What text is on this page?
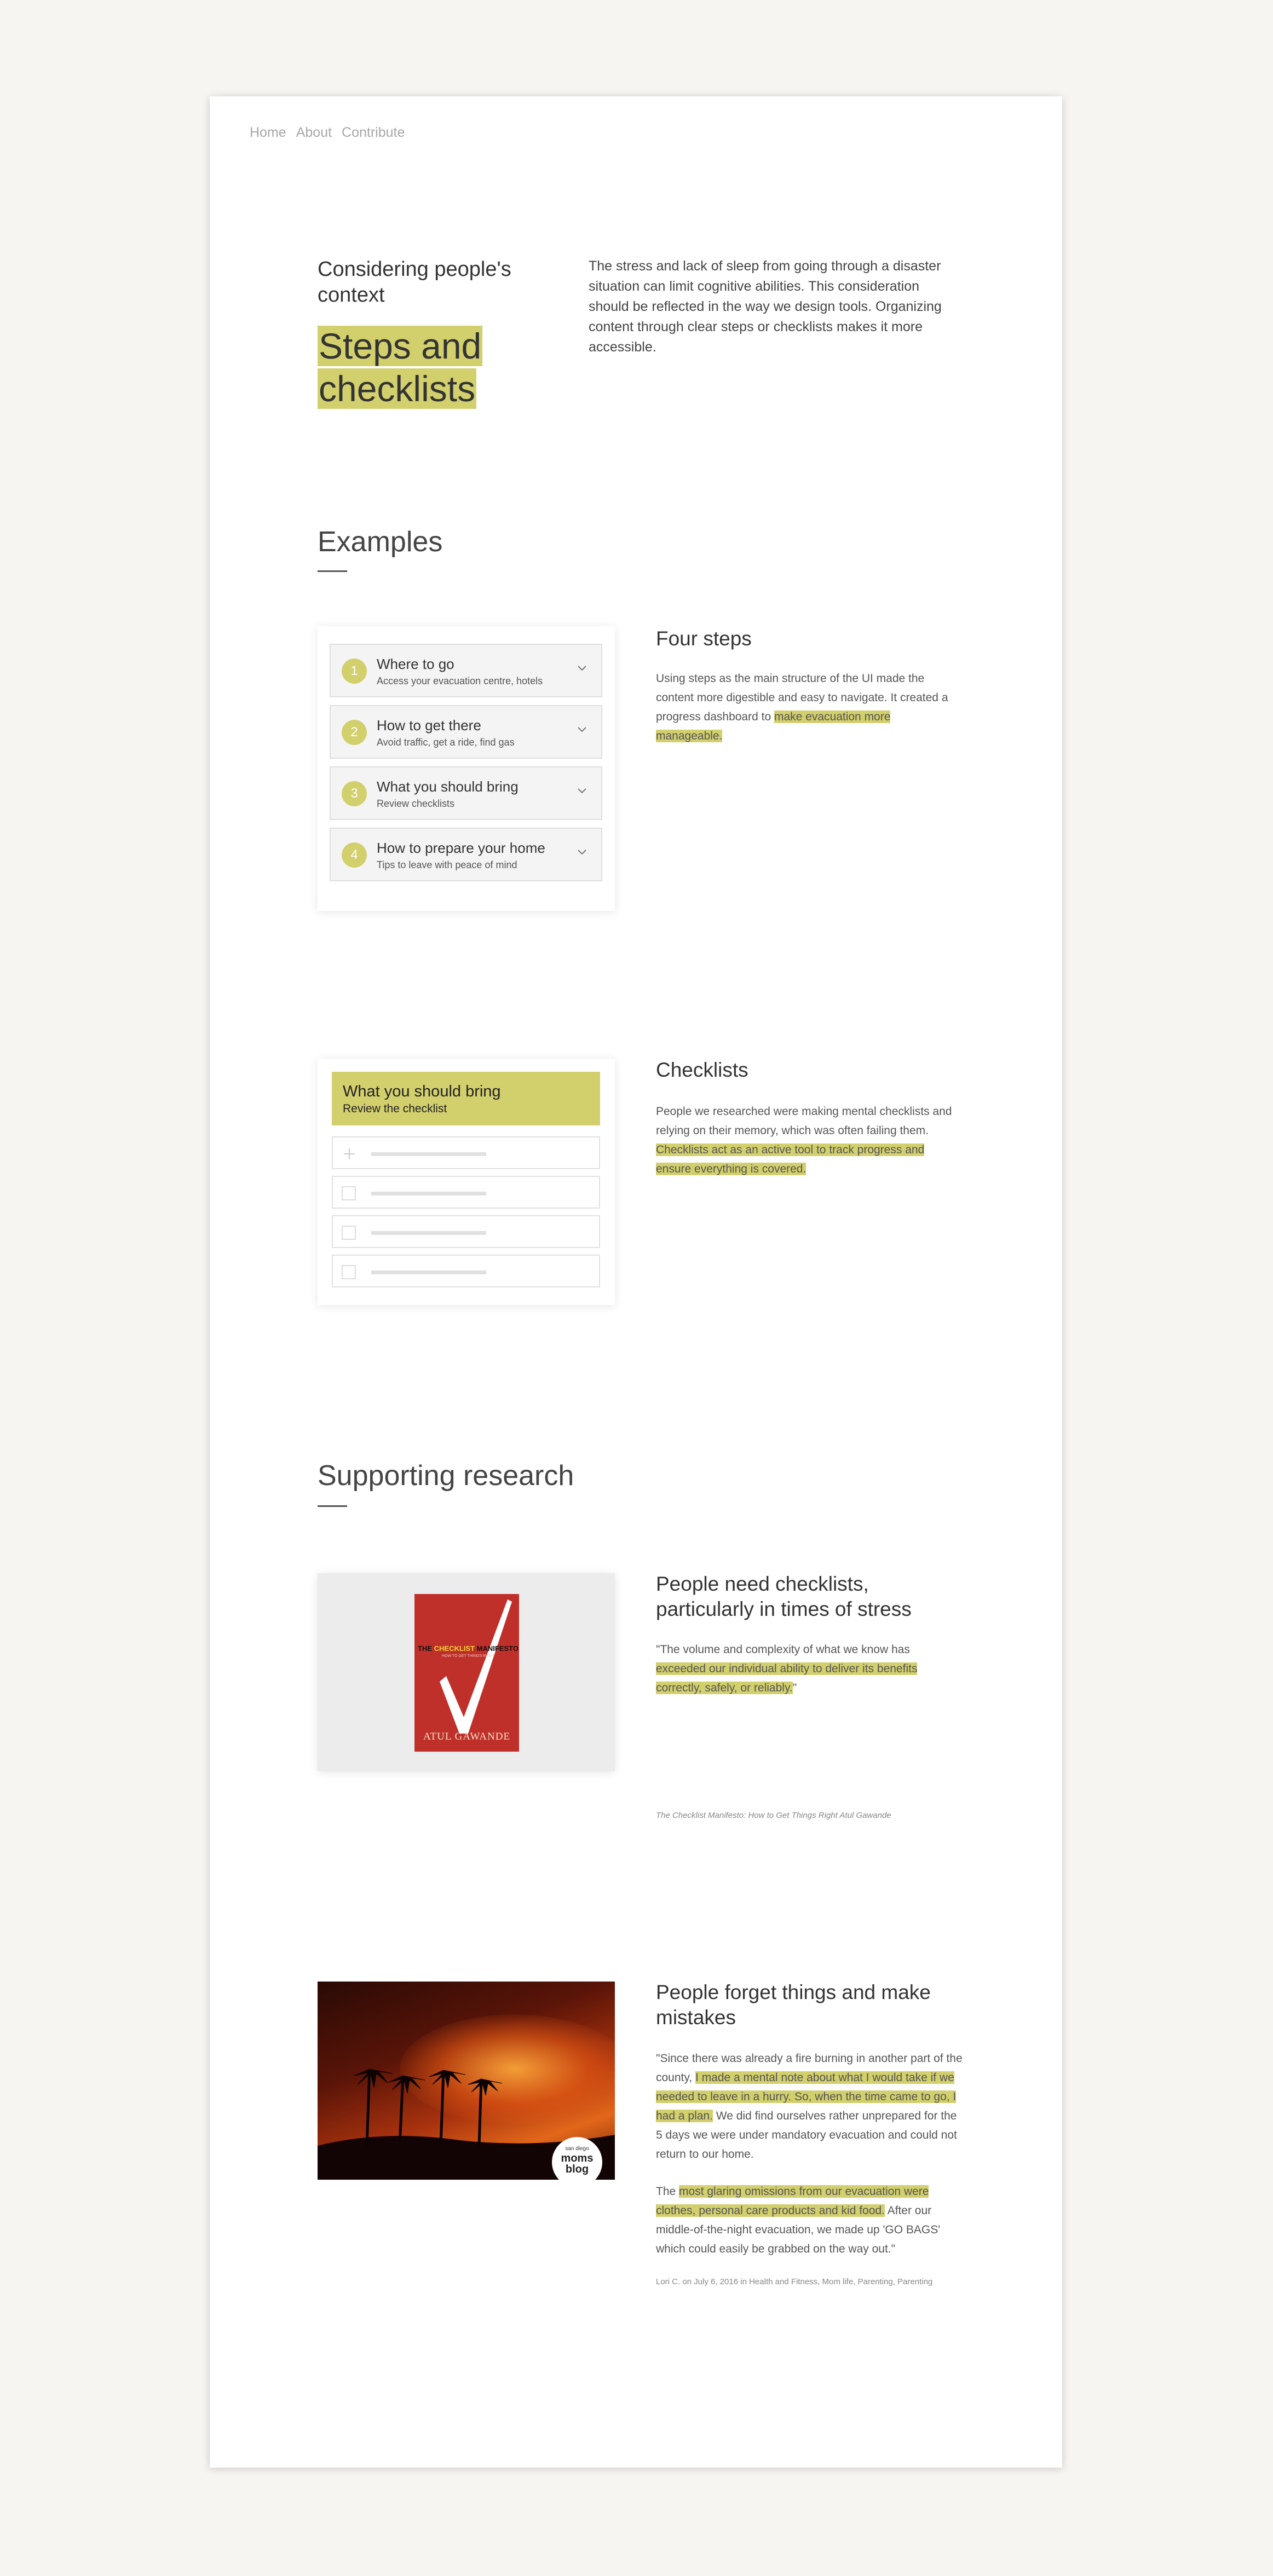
Home About Contribute
Considering people's context
Steps and
checklists
The stress and lack of sleep from going through a disaster situation can limit cognitive abilities. This consideration should be reflected in the way we design tools. Organizing content through clear steps or checklists makes it more accessible.
Examples
1	Where to go
Access your evacuation centre, hotels
2	How to get there
Avoid traffic, get a ride, find gas
3	What you should bring
Review checklists
4	How to prepare your home
Tips to leave with peace of mind
Four steps
Using steps as the main structure of the UI made the content more digestible and easy to navigate. It created a progress dashboard to make evacuation more manageable.
What you should bring
Review the checklist
Checklists
People we researched were making mental checklists and relying on their memory, which was often failing them. Checklists act as an active tool to track progress and ensure everything is covered.
Supporting research
THE CHECKLIST MANIFESTO
HOW TO GET THINGS RIGHT
ATUL GAWANDE
People need checklists, particularly in times of stress
"The volume and complexity of what we know has exceeded our individual ability to deliver its benefits correctly, safely, or reliably."
The Checklist Manifesto: How to Get Things Right Atul Gawande
san diego
moms
blog
People forget things and make mistakes
"Since there was already a fire burning in another part of the county, I made a mental note about what I would take if we needed to leave in a hurry. So, when the time came to go, I had a plan. We did find ourselves rather unprepared for the 5 days we were under mandatory evacuation and could not return to our home.
The most glaring omissions from our evacuation were clothes, personal care products and kid food. After our middle-of-the-night evacuation, we made up 'GO BAGS' which could easily be grabbed on the way out."
Lori C. on July 6, 2016 in Health and Fitness, Mom life, Parenting, Parenting
